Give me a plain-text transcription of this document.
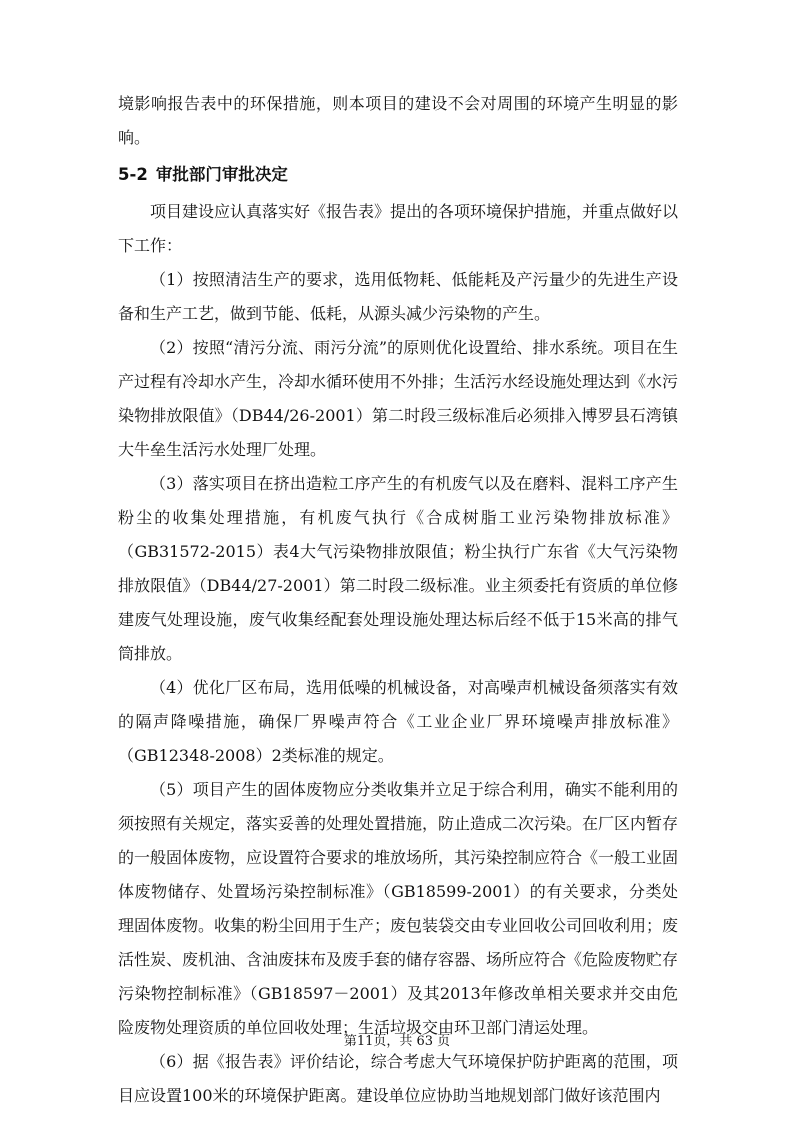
境影响报告表中的环保措施，则本项目的建设不会对周围的环境产生明显的影响。

5-2 审批部门审批决定

项目建设应认真落实好《报告表》提出的各项环境保护措施，并重点做好以下工作：

（1）按照清洁生产的要求，选用低物耗、低能耗及产污量少的先进生产设备和生产工艺，做到节能、低耗，从源头减少污染物的产生。

（2）按照“清污分流、雨污分流”的原则优化设置给、排水系统。项目在生产过程有冷却水产生，冷却水循环使用不外排；生活污水经设施处理达到《水污染物排放限值》（DB44/26-2001）第二时段三级标准后必须排入博罗县石湾镇大牛垒生活污水处理厂处理。

（3）落实项目在挤出造粒工序产生的有机废气以及在磨料、混料工序产生粉尘的收集处理措施，有机废气执行《合成树脂工业污染物排放标准》（GB31572-2015）表4大气污染物排放限值；粉尘执行广东省《大气污染物排放限值》（DB44/27-2001）第二时段二级标准。业主须委托有资质的单位修建废气处理设施，废气收集经配套处理设施处理达标后经不低于15米高的排气筒排放。

（4）优化厂区布局，选用低噪的机械设备，对高噪声机械设备须落实有效的隔声降噪措施，确保厂界噪声符合《工业企业厂界环境噪声排放标准》（GB12348-2008）2类标准的规定。

（5）项目产生的固体废物应分类收集并立足于综合利用，确实不能利用的须按照有关规定，落实妥善的处理处置措施，防止造成二次污染。在厂区内暂存的一般固体废物，应设置符合要求的堆放场所，其污染控制应符合《一般工业固体废物储存、处置场污染控制标准》（GB18599-2001）的有关要求，分类处理固体废物。收集的粉尘回用于生产；废包装袋交由专业回收公司回收利用；废活性炭、废机油、含油废抹布及废手套的储存容器、场所应符合《危险废物贮存污染物控制标准》（GB18597－2001）及其2013年修改单相关要求并交由危险废物处理资质的单位回收处理；生活垃圾交由环卫部门清运处理。

（6）据《报告表》评价结论，综合考虑大气环境保护防护距离的范围，项目应设置100米的环境保护距离。建设单位应协助当地规划部门做好该范围内

第11页，共 63 页
